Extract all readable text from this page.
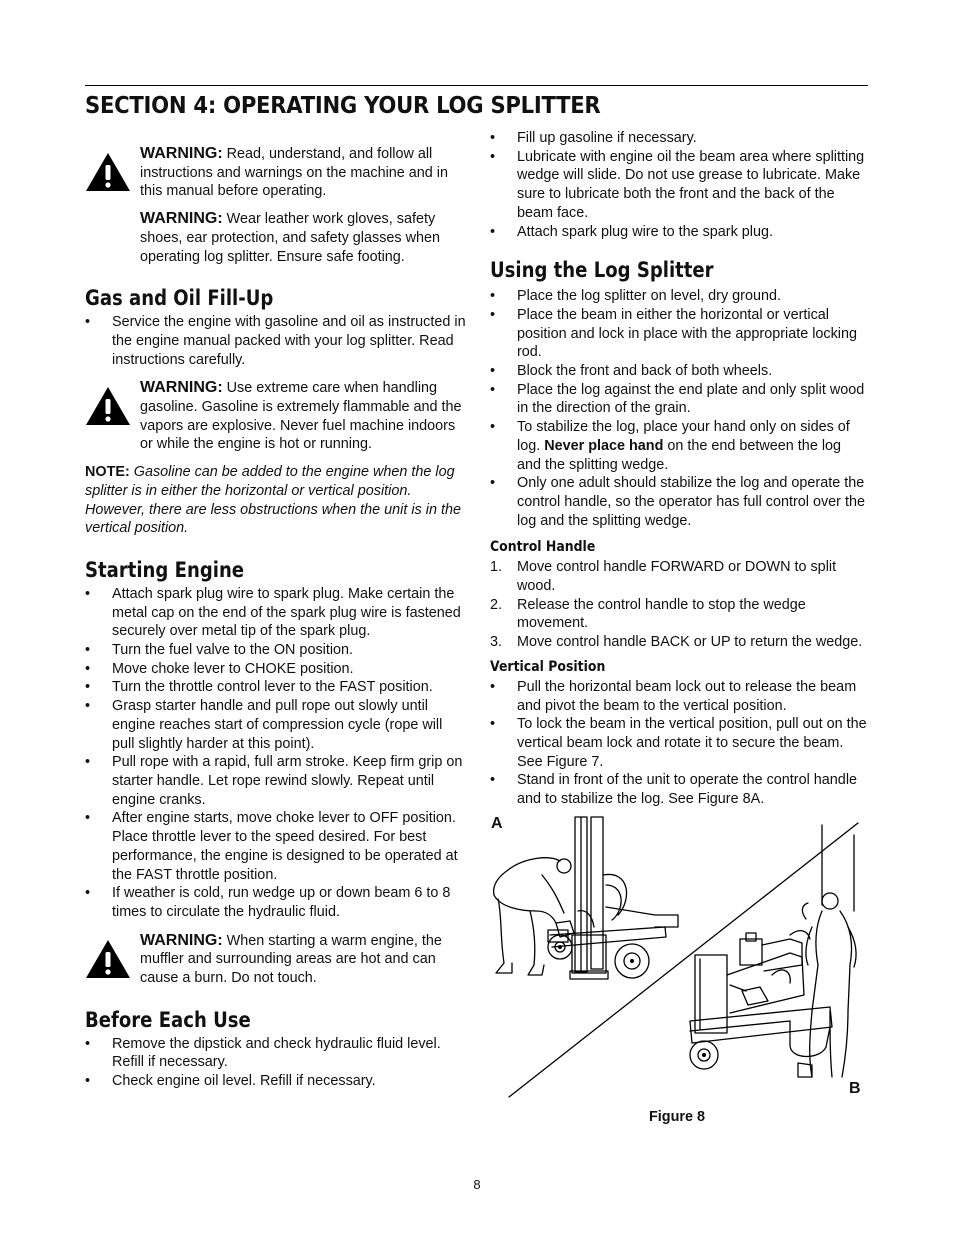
SECTION 4: OPERATING YOUR LOG SPLITTER

WARNING: Read, understand, and follow all instructions and warnings on the machine and in this manual before operating.

WARNING: Wear leather work gloves, safety shoes, ear protection, and safety glasses when operating log splitter. Ensure safe footing.

Gas and Oil Fill-Up
• Service the engine with gasoline and oil as instructed in the engine manual packed with your log splitter. Read instructions carefully.

WARNING: Use extreme care when handling gasoline. Gasoline is extremely flammable and the vapors are explosive. Never fuel machine indoors or while the engine is hot or running.

NOTE: Gasoline can be added to the engine when the log splitter is in either the horizontal or vertical position. However, there are less obstructions when the unit is in the vertical position.

Starting Engine
• Attach spark plug wire to spark plug. Make certain the metal cap on the end of the spark plug wire is fastened securely over metal tip of the spark plug.
• Turn the fuel valve to the ON position.
• Move choke lever to CHOKE position.
• Turn the throttle control lever to the FAST position.
• Grasp starter handle and pull rope out slowly until engine reaches start of compression cycle (rope will pull slightly harder at this point).
• Pull rope with a rapid, full arm stroke. Keep firm grip on starter handle. Let rope rewind slowly. Repeat until engine cranks.
• After engine starts, move choke lever to OFF position. Place throttle lever to the speed desired. For best performance, the engine is designed to be operated at the FAST throttle position.
• If weather is cold, run wedge up or down beam 6 to 8 times to circulate the hydraulic fluid.

WARNING: When starting a warm engine, the muffler and surrounding areas are hot and can cause a burn. Do not touch.

Before Each Use
• Remove the dipstick and check hydraulic fluid level. Refill if necessary.
• Check engine oil level. Refill if necessary.
• Fill up gasoline if necessary.
• Lubricate with engine oil the beam area where splitting wedge will slide. Do not use grease to lubricate. Make sure to lubricate both the front and the back of the beam face.
• Attach spark plug wire to the spark plug.
Using the Log Splitter
• Place the log splitter on level, dry ground.
• Place the beam in either the horizontal or vertical position and lock in place with the appropriate locking rod.
• Block the front and back of both wheels.
• Place the log against the end plate and only split wood in the direction of the grain.
• To stabilize the log, place your hand only on sides of log. Never place hand on the end between the log and the splitting wedge.
• Only one adult should stabilize the log and operate the control handle, so the operator has full control over the log and the splitting wedge.
Control Handle
1. Move control handle FORWARD or DOWN to split wood.
2. Release the control handle to stop the wedge movement.
3. Move control handle BACK or UP to return the wedge.
Vertical Position
• Pull the horizontal beam lock out to release the beam and pivot the beam to the vertical position.
• To lock the beam in the vertical position, pull out on the vertical beam lock and rotate it to secure the beam. See Figure 7.
• Stand in front of the unit to operate the control handle and to stabilize the log. See Figure 8A.
A
B
Figure 8
8
